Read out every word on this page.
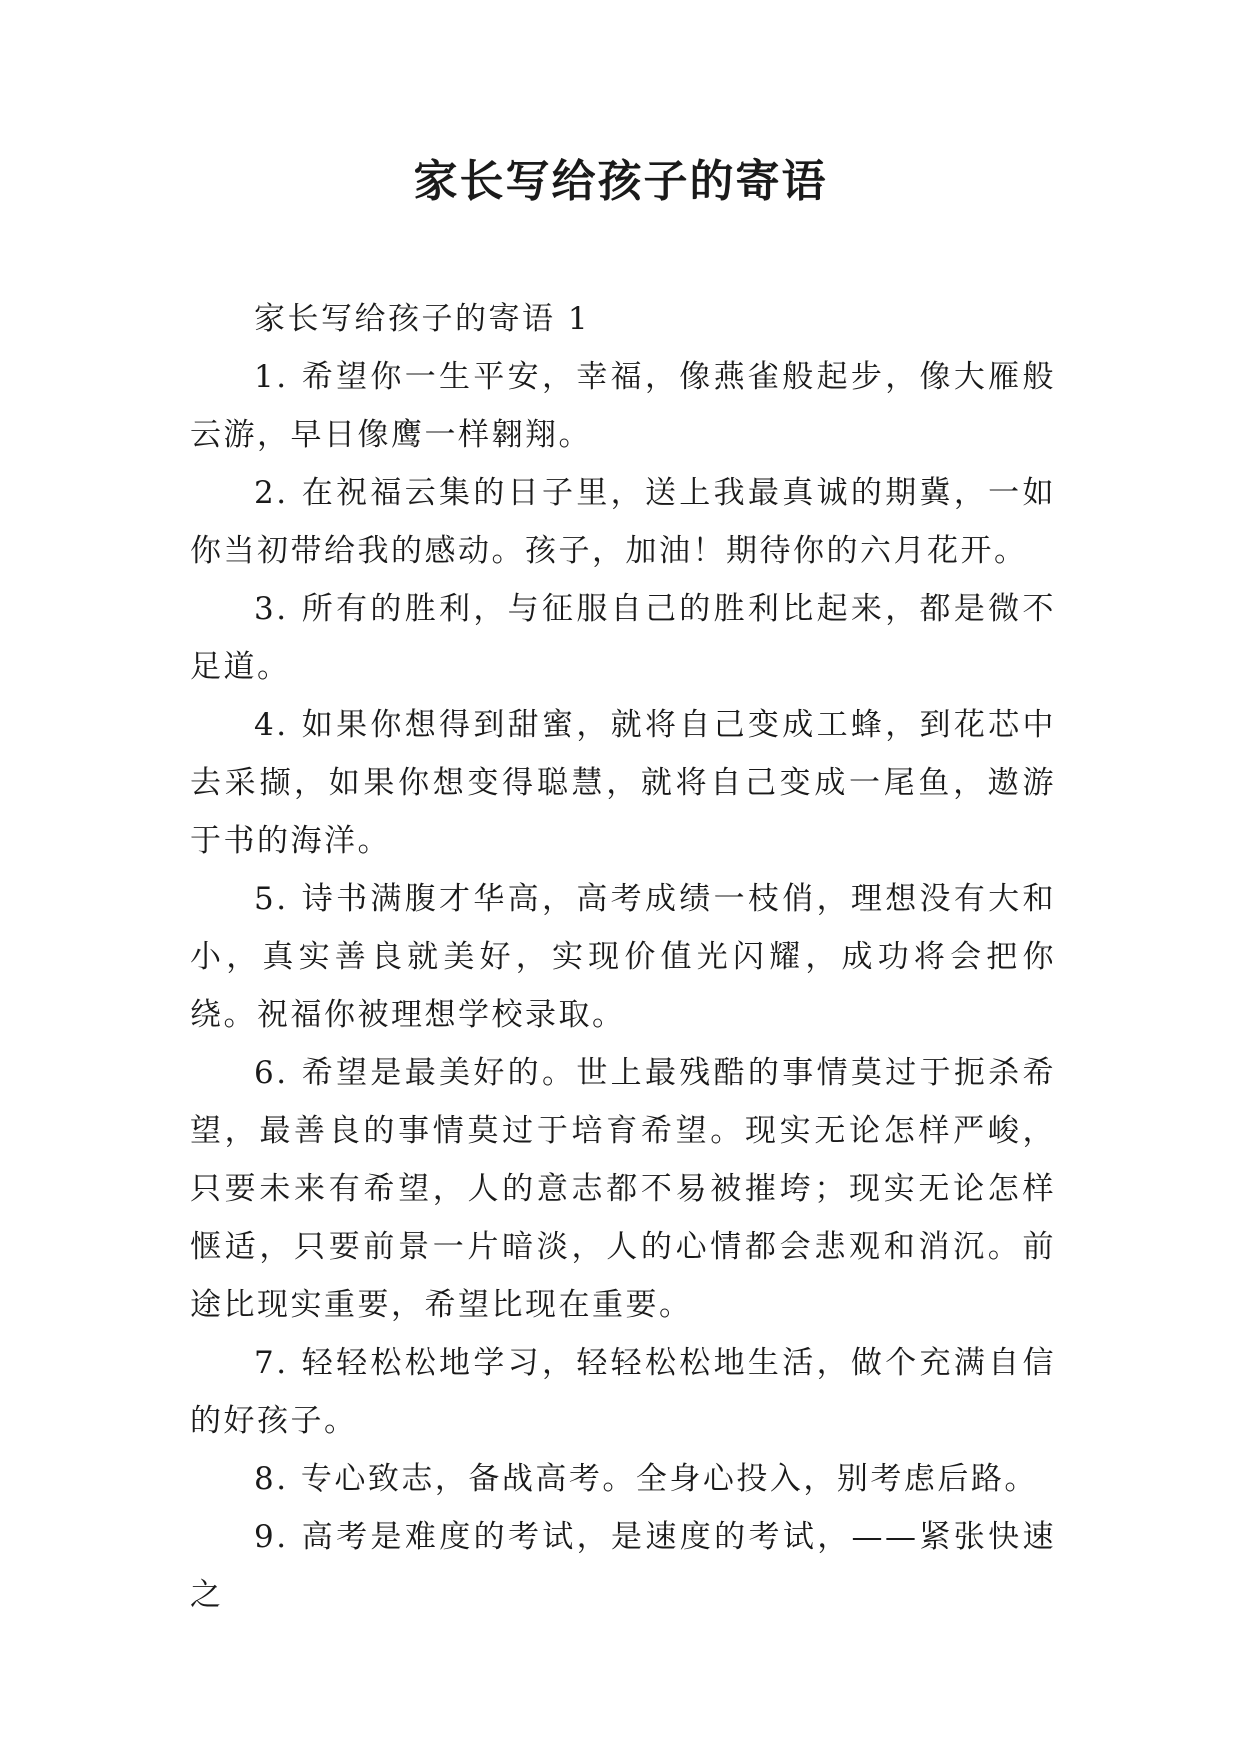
家长写给孩子的寄语

家长写给孩子的寄语 1

1. 希望你一生平安，幸福，像燕雀般起步，像大雁般云游，早日像鹰一样翱翔。

2. 在祝福云集的日子里，送上我最真诚的期冀，一如你当初带给我的感动。孩子，加油！期待你的六月花开。

3. 所有的胜利，与征服自己的胜利比起来，都是微不足道。

4. 如果你想得到甜蜜，就将自己变成工蜂，到花芯中去采撷，如果你想变得聪慧，就将自己变成一尾鱼，遨游于书的海洋。

5. 诗书满腹才华高，高考成绩一枝俏，理想没有大和小，真实善良就美好，实现价值光闪耀，成功将会把你绕。祝福你被理想学校录取。

6. 希望是最美好的。世上最残酷的事情莫过于扼杀希望，最善良的事情莫过于培育希望。现实无论怎样严峻，只要未来有希望，人的意志都不易被摧垮；现实无论怎样惬适，只要前景一片暗淡，人的心情都会悲观和消沉。前途比现实重要，希望比现在重要。

7. 轻轻松松地学习，轻轻松松地生活，做个充满自信的好孩子。

8. 专心致志，备战高考。全身心投入，别考虑后路。

9. 高考是难度的考试，是速度的考试，——紧张快速之
